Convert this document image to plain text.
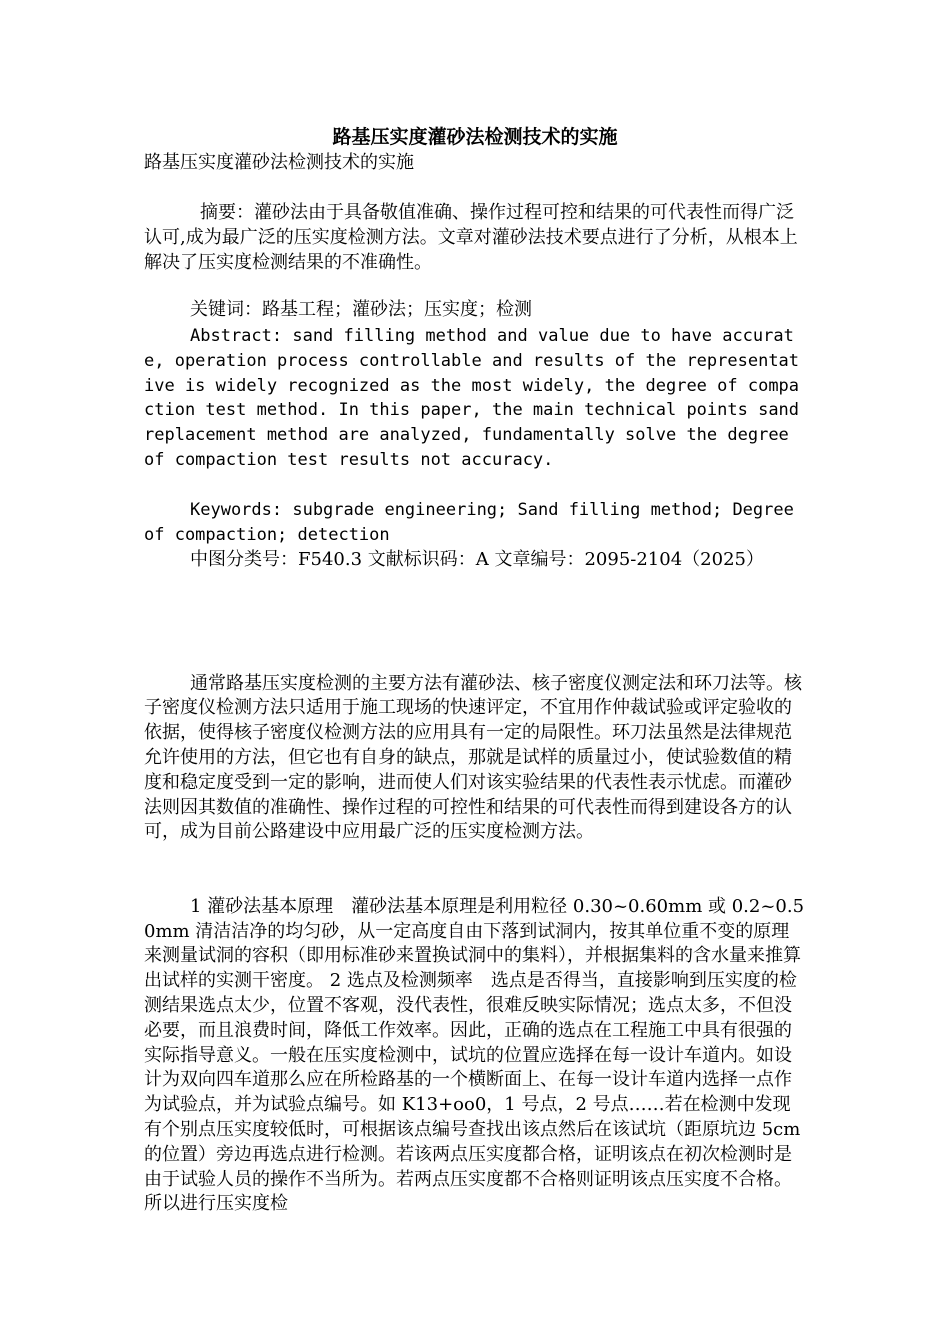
路基压实度灌砂法检测技术的实施
路基压实度灌砂法检测技术的实施

摘要：灌砂法由于具备敬值准确、操作过程可控和结果的可代表性而得广泛认可,成为最广泛的压实度检测方法。文章对灌砂法技术要点进行了分析，从根本上解决了压实度检测结果的不准确性。

关键词：路基工程；灌砂法；压实度；检测

Abstract: sand filling method and value due to have accurate, operation process controllable and results of the representative is widely recognized as the most widely, the degree of compaction test method. In this paper, the main technical points sand replacement method are analyzed, fundamentally solve the degree of compaction test results not accuracy.

Keywords: subgrade engineering; Sand filling method; Degree of compaction; detection

中图分类号：F540.3 文献标识码：A 文章编号：2095-2104（2025）

通常路基压实度检测的主要方法有灌砂法、核子密度仪测定法和环刀法等。核子密度仪检测方法只适用于施工现场的快速评定，不宜用作仲裁试验或评定验收的依据，使得核子密度仪检测方法的应用具有一定的局限性。环刀法虽然是法律规范允许使用的方法，但它也有自身的缺点，那就是试样的质量过小，使试验数值的精度和稳定度受到一定的影响，进而使人们对该实验结果的代表性表示忧虑。而灌砂法则因其数值的准确性、操作过程的可控性和结果的可代表性而得到建设各方的认可，成为目前公路建设中应用最广泛的压实度检测方法。

1 灌砂法基本原理　灌砂法基本原理是利用粒径 0.30~0.60mm 或 0.2~0.50mm 清洁洁净的均匀砂，从一定高度自由下落到试洞内，按其单位重不变的原理来测量试洞的容积（即用标准砂来置换试洞中的集料），并根据集料的含水量来推算出试样的实测干密度。 2 选点及检测频率　选点是否得当，直接影响到压实度的检测结果选点太少，位置不客观，没代表性，很难反映实际情况；选点太多，不但没必要，而且浪费时间，降低工作效率。因此，正确的选点在工程施工中具有很强的实际指导意义。一般在压实度检测中，试坑的位置应选择在每一设计车道内。如设计为双向四车道那么应在所检路基的一个横断面上、在每一设计车道内选择一点作为试验点，并为试验点编号。如 K13+oo0，1 号点，2 号点……若在检测中发现有个别点压实度较低时，可根据该点编号查找出该点然后在该试坑（距原坑边 5cm 的位置）旁边再选点进行检测。若该两点压实度都合格，证明该点在初次检测时是由于试验人员的操作不当所为。若两点压实度都不合格则证明该点压实度不合格。所以进行压实度检
